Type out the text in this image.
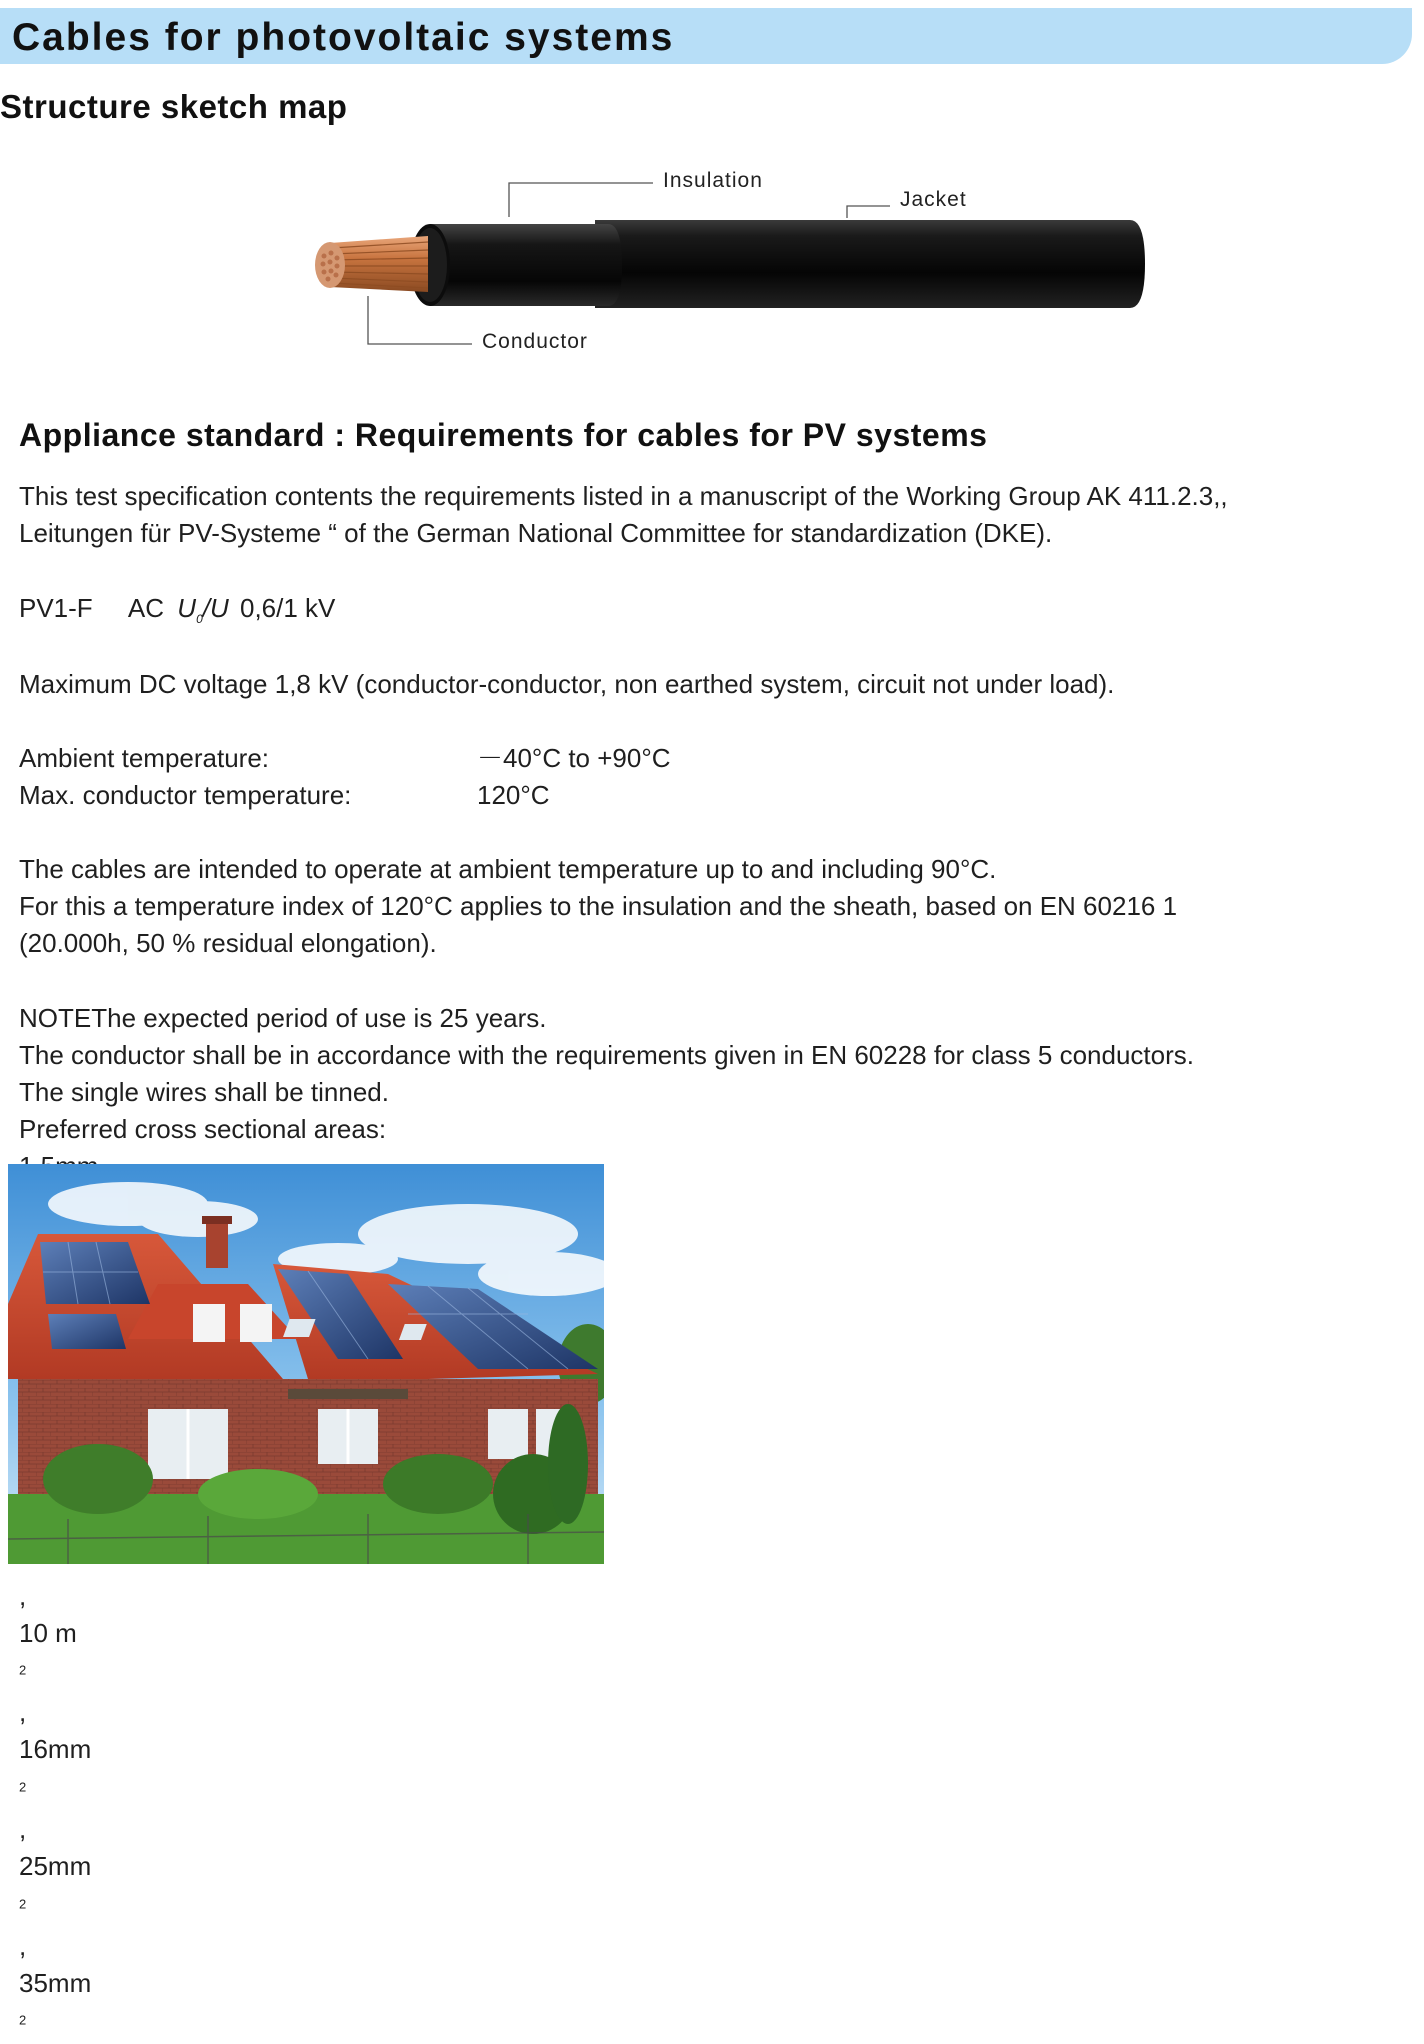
Cables for photovoltaic systems
Structure sketch map
Insulation
Jacket
Conductor
Appliance standard : Requirements for cables for PV systems
This test specification contents the requirements listed in a manuscript of the Working Group AK 411.2.3,,
Leitungen für PV-Systeme “ of the German National Committee for standardization (DKE).
PV1-F AC $U_0/U$ 0,6/1 kV
Maximum DC voltage 1,8 kV (conductor-conductor, non earthed system, circuit not under load).
Ambient temperature:	－40°C to +90°C
Max. conductor temperature:	120°C
The cables are intended to operate at ambient temperature up to and including 90°C.
For this a temperature index of 120°C applies to the insulation and the sheath, based on EN 60216 1
(20.000h, 50 % residual elongation).
NOTEThe expected period of use is 25 years.
The conductor shall be in accordance with the requirements given in EN 60228 for class 5 conductors.
The single wires shall be tinned.
Preferred cross sectional areas:
,
10 m
$^2$
,
16mm
$^2$
,
25mm
$^2$
,
35mm
$^2$
